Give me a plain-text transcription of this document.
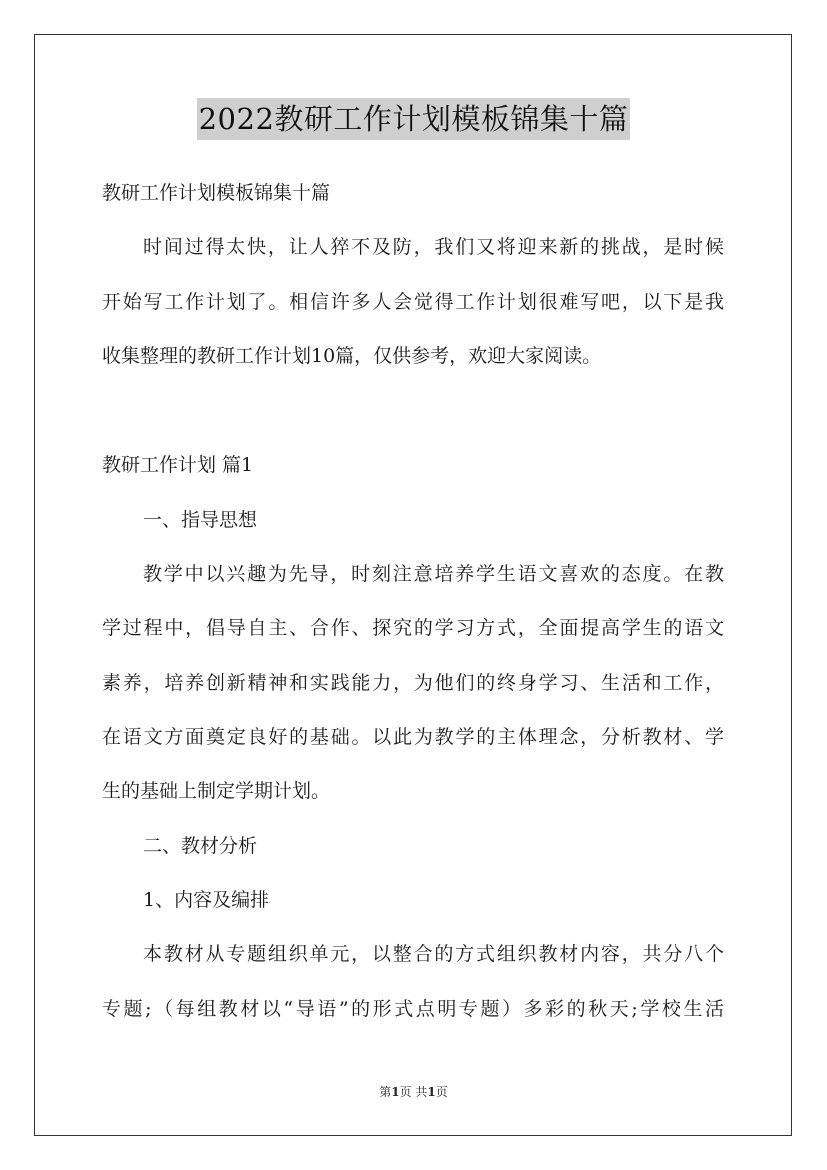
2022教研工作计划模板锦集十篇
教研工作计划模板锦集十篇
时间过得太快，让人猝不及防，我们又将迎来新的挑战，是时候
开始写工作计划了。相信许多人会觉得工作计划很难写吧，以下是我
收集整理的教研工作计划10篇，仅供参考，欢迎大家阅读。
教研工作计划 篇1
一、指导思想
教学中以兴趣为先导，时刻注意培养学生语文喜欢的态度。在教
学过程中，倡导自主、合作、探究的学习方式，全面提高学生的语文
素养，培养创新精神和实践能力，为他们的终身学习、生活和工作，
在语文方面奠定良好的基础。以此为教学的主体理念，分析教材、学
生的基础上制定学期计划。
二、教材分析
1、内容及编排
本教材从专题组织单元，以整合的方式组织教材内容，共分八个
专题;（每组教材以“导语”的形式点明专题）多彩的秋天;学校生活
第1页 共1页
